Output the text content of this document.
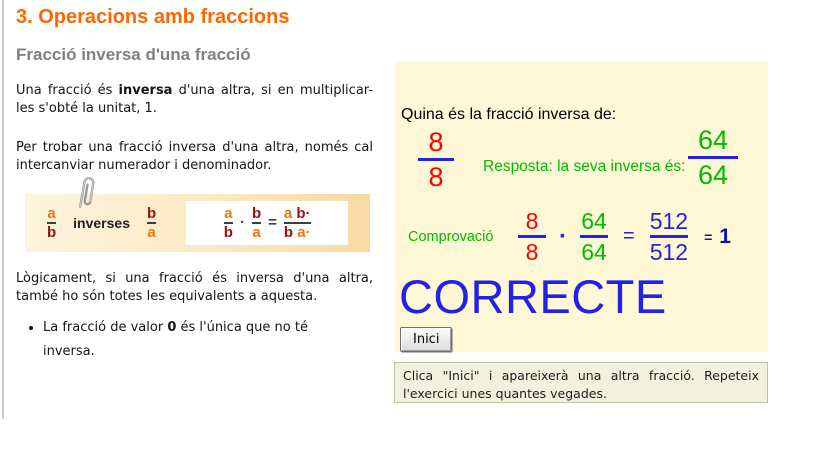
3. Operacions amb fraccions
Fracció inversa d'una fracció

Una fracció és inversa d'una altra, si en multiplicar-les s'obté la unitat, 1.

Per trobar una fracció inversa d'una altra, només cal intercanviar numerador i denominador.

$\frac{a}{b}$ inverses $\frac{b}{a}$	$\frac{a}{b} \cdot \frac{b}{a} = \frac{\text{a b·}}{\text{b a·}}$

Lògicament, si una fracció és inversa d'una altra, també ho són totes les equivalents a aquesta.

• La fracció de valor 0 és l'única que no té inversa.
Quina és la fracció inversa de:
8
8	Resposta: la seva inversa és:
64
64
Comprovació $\frac{8}{8} \cdot \frac{64}{64} = \frac{512}{512} = 1$
CORRECTE
Inici
Clica "Inici" i apareixerà una altra fracció. Repeteix l'exercici unes quantes vegades.
